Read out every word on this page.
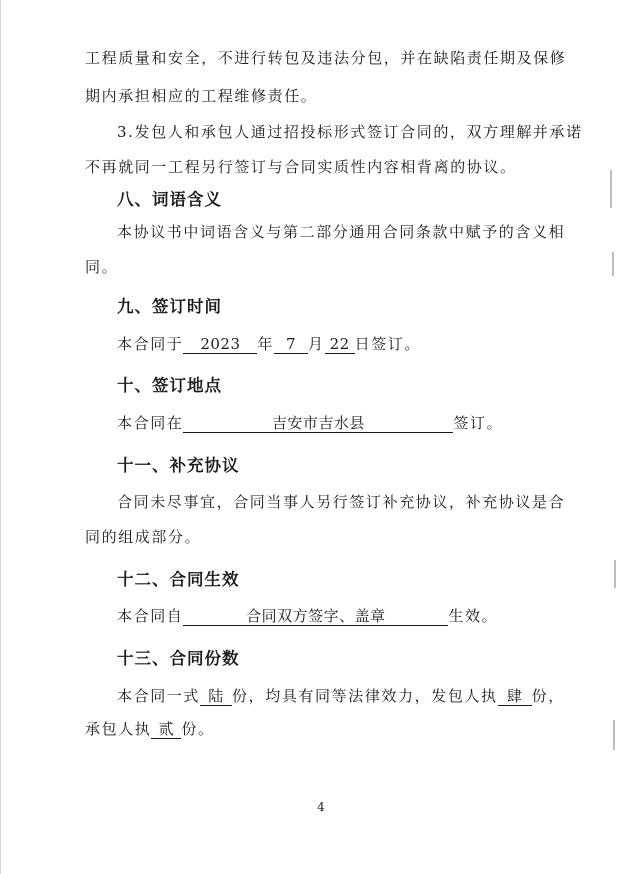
工程质量和安全，不进行转包及违法分包，并在缺陷责任期及保修
期内承担相应的工程维修责任。
3.发包人和承包人通过招投标形式签订合同的，双方理解并承诺
不再就同一工程另行签订与合同实质性内容相背离的协议。
八、词语含义
本协议书中词语含义与第二部分通用合同条款中赋予的含义相
同。
九、签订时间
本合同于 2023 年 7 月 22 日签订。
十、签订地点
本合同在	吉安市吉水县	签订。
十一、补充协议
合同未尽事宜，合同当事人另行签订补充协议，补充协议是合
同的组成部分。
十二、合同生效
本合同自	合同双方签字、盖章	生效。
十三、合同份数
本合同一式 陆 份，均具有同等法律效力，发包人执 肆 份，
承包人执 贰 份。
4
